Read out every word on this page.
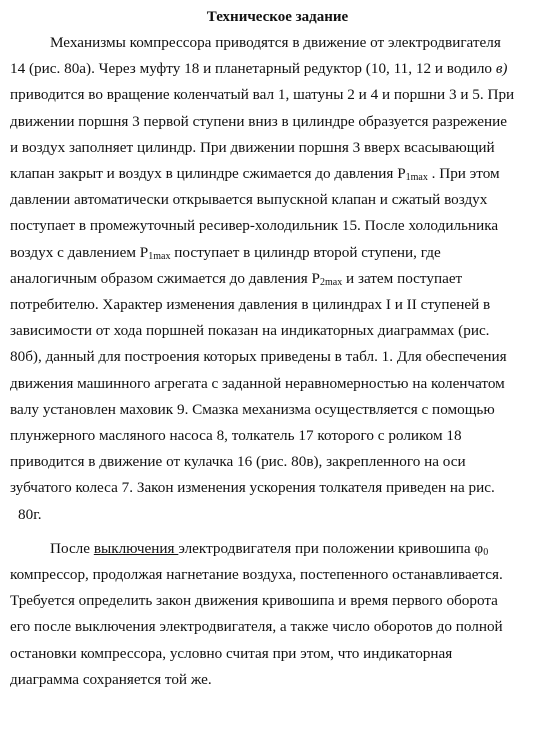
Техническое задание

Механизмы компрессора приводятся в движение от электродвигателя

14 (рис. 80а). Через муфту 18 и планетарный редуктор (10, 11, 12 и водило в)

приводится во вращение коленчатый вал 1, шатуны 2 и 4 и поршни 3 и 5. При

движении поршня 3 первой ступени вниз в цилиндре образуется разрежение

и воздух заполняет цилиндр. При движении поршня 3 вверх всасывающий

клапан закрыт и воздух в цилиндре сжимается до давления $P_{1max}$ . При этом

давлении автоматически открывается выпускной клапан и сжатый воздух

поступает в промежуточный ресивер-холодильник 15. После холодильника

воздух с давлением $P_{1max}$ поступает в цилиндр второй ступени, где

аналогичным образом сжимается до давления $P_{2max}$ и затем поступает

потребителю. Характер изменения давления в цилиндрах I и II ступеней в

зависимости от хода поршней показан на индикаторных диаграммах (рис.

80б), данный для построения которых приведены в табл. 1. Для обеспечения

движения машинного агрегата с заданной неравномерностью на коленчатом

валу установлен маховик 9. Смазка механизма осуществляется с помощью

плунжерного масляного насоса 8, толкатель 17 которого с роликом 18

приводится в движение от кулачка 16 (рис. 80в), закрепленного на оси

зубчатого колеса 7. Закон изменения ускорения толкателя приведен на рис.

80г.

После выключения электродвигателя при положении кривошипа $\varphi_0$

компрессор, продолжая нагнетание воздуха, постепенного останавливается.

Требуется определить закон движения кривошипа и время первого оборота

его после выключения электродвигателя, а также число оборотов до полной

остановки компрессора, условно считая при этом, что индикаторная

диаграмма сохраняется той же.
